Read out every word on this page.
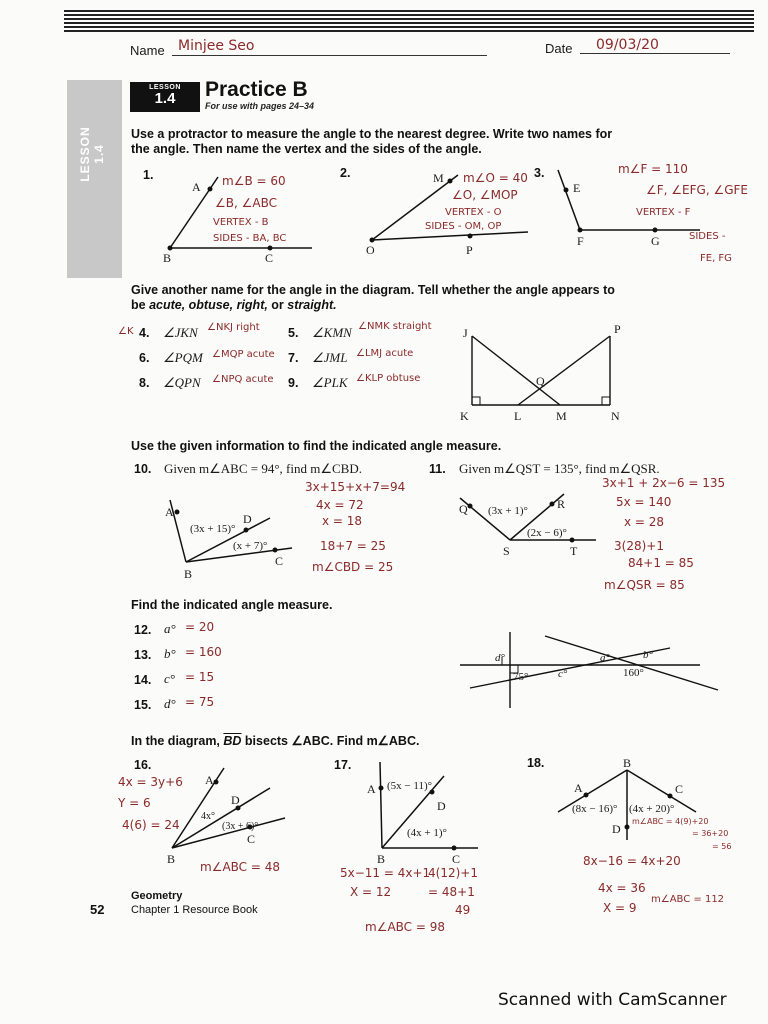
Name Minjee Seo	Date 09/03/20
LESSON 1.4
LESSON
1.4	Practice B
For use with pages 24–34
Use a protractor to measure the angle to the nearest degree. Write two names for the angle. Then name the vertex and the sides of the angle.
1.
A
B	C
m∠B = 60
∠B, ∠ABC
VERTEX - B
SIDES - BA, BC
2.	M
O	P
m∠O = 40
∠O, ∠MOP
VERTEX - O
SIDES - OM, OP
3.
E
F	G
m∠F = 110
∠F, ∠EFG, ∠GFE
VERTEX - F
SIDES -
FE, FG
Give another name for the angle in the diagram. Tell whether the angle appears to be acute, obtuse, right, or straight.
∠K 4. ∠JKN ∠NKJ right 5. ∠KMN ∠NMK straight
6. ∠PQM ∠MQP acute 7. ∠JML ∠LMJ acute
8. ∠QPN ∠NPQ acute 9. ∠PLK ∠KLP obtuse
J	P
Q
K	L	M	N
Use the given information to find the indicated angle measure.
10. Given m∠ABC = 94°, find m∠CBD.
A	D
C
B
(3x + 15)°
(x + 7)°
3x+15+x+7=94
4x = 72
x = 18
18+7 = 25
m∠CBD = 25
11. Given m∠QST = 135°, find m∠QSR.
Q	R
S	T
(3x + 1)°
(2x − 6)°
3x+1 + 2x−6 = 135
5x = 140
x = 28
3(28)+1
84+1 = 85
m∠QSR = 85
Find the indicated angle measure.
12. a° = 20
13. b° = 160
14. c° = 15
15. d° = 75
d°
75°	c°
a°	b°
160°
In the diagram, $\overline{BD}$ bisects ∠ABC. Find m∠ABC.
16.
A
D
C
B
4x°
(3x + 6)°
4x = 3y+6
Y = 6
4(6) = 24
m∠ABC = 48
17.
A
D
B	C
(5x − 11)°
(4x + 1)°
5x−11 = 4x+1
X = 12
4(12)+1
= 48+1
49
m∠ABC = 98
18.	B
A	C
D
(8x − 16)° (4x + 20)°
m∠ABC = 4(9)+20
= 36+20
= 56
8x−16 = 4x+20
4x = 36
X = 9
m∠ABC = 112
52
Geometry
Chapter 1 Resource Book
Scanned with CamScanner
